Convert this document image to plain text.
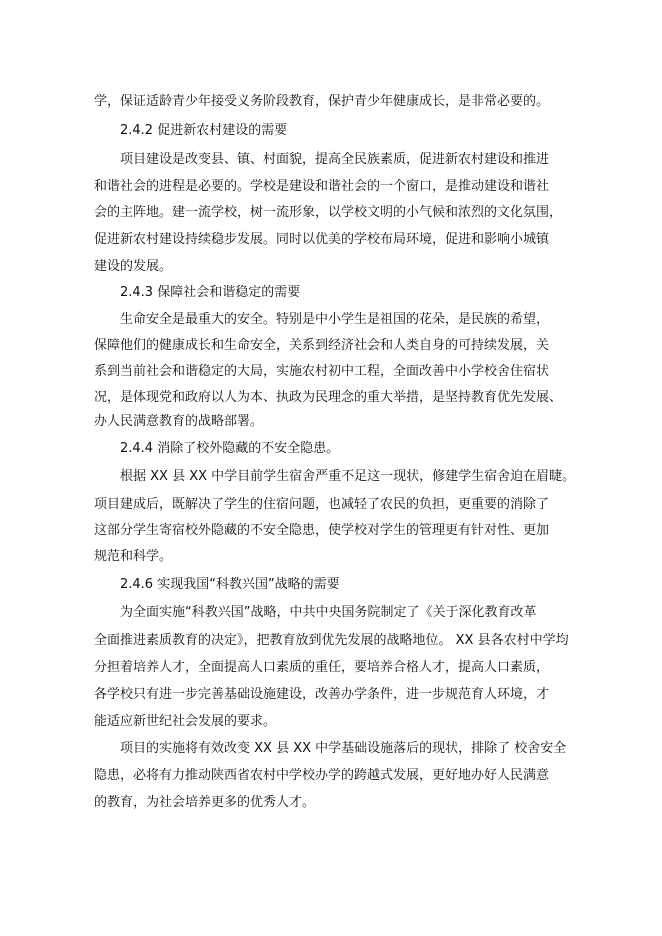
学，保证适龄青少年接受义务阶段教育，保护青少年健康成长，是非常必要的。
2.4.2 促进新农村建设的需要
项目建设是改变县、镇、村面貌，提高全民族素质，促进新农村建设和推进
和谐社会的进程是必要的。学校是建设和谐社会的一个窗口，是推动建设和谐社
会的主阵地。建一流学校，树一流形象，以学校文明的小气候和浓烈的文化氛围，
促进新农村建设持续稳步发展。同时以优美的学校布局环境，促进和影响小城镇
建设的发展。
2.4.3 保障社会和谐稳定的需要
生命安全是最重大的安全。特别是中小学生是祖国的花朵，是民族的希望，
保障他们的健康成长和生命安全，关系到经济社会和人类自身的可持续发展，关
系到当前社会和谐稳定的大局，实施农村初中工程，全面改善中小学校舍住宿状
况，是体现党和政府以人为本、执政为民理念的重大举措，是坚持教育优先发展、
办人民满意教育的战略部署。
2.4.4 消除了校外隐藏的不安全隐患。
根据 XX 县 XX 中学目前学生宿舍严重不足这一现状，修建学生宿舍迫在眉睫。
项目建成后，既解决了学生的住宿问题，也减轻了农民的负担，更重要的消除了
这部分学生寄宿校外隐藏的不安全隐患，使学校对学生的管理更有针对性、更加
规范和科学。
2.4.6 实现我国“科教兴国”战略的需要
为全面实施“科教兴国”战略，中共中央国务院制定了《关于深化教育改革
全面推进素质教育的决定》，把教育放到优先发展的战略地位。 XX 县各农村中学均
分担着培养人才，全面提高人口素质的重任，要培养合格人才，提高人口素质，
各学校只有进一步完善基础设施建设，改善办学条件，进一步规范育人环境，才
能适应新世纪社会发展的要求。
项目的实施将有效改变 XX 县 XX 中学基础设施落后的现状，排除了 校舍安全
隐患，必将有力推动陕西省农村中学校办学的跨越式发展，更好地办好人民满意
的教育，为社会培养更多的优秀人才。
